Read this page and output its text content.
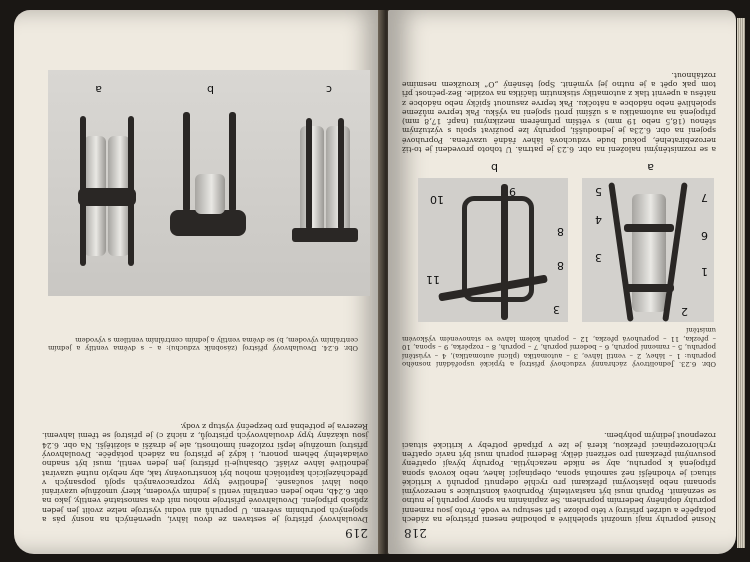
219
Dvoulahvový přístroj je sestaven ze dvou láhví, upevněných na nosný pás a spojených potrubním svěrem. U popruhů ani vodní výstroje nelze zvolit jen jeden způsob připojení. Dvoulahvové přístroje mohou mít dva samostatné ventily, jako na obr. 6.24b, nebo jeden centrální ventil s jedním vývodem, který umožňuje uzavírání obou láhví současně. Jednotlivé typy rozpracovaných spojů popsaných v předcházejících kapitolách mohou být konstruovány tak, aby nebylo nutné uzavírat jednotlivé láhve zvlášť. Obsahuje-li přístroj jen jeden ventil, musí být snadno ovladatelný během ponoru, i když je přístroj na zádech potápěče. Dvoulahvový přístroj umožňuje lepší rozložení hmotnosti, ale je dražší a složitější. Na obr. 6.24 jsou ukázány typy dvoulahvových přístrojů, z nichž c) je přístroj se třemi lahvemi. Rezerva je potřebná pro bezpečný výstup z vody.
Obr. 6.24. Dvoulahvový přístroj (zásobník vzduchu): a – s dvěma ventily a jedním centrálním vývodem, b) se dvěma ventily a jedním centrálním ventilem s vývodem
c
b
a
218
Nosné popruhy mají umožnit spolehlivé a pohodlné nesení přístroje na zádech potápěče a udržet přístroj v této poloze i při sestupu ve vodě. Proto jsou ramenní popruhy doplněny bederním popruhem. Se zapínáním na spony popruhů je nutno se seznámit. Popruh musí být nastavitelný. Popruhová konstrukce s nerezovými sponami nebo plastovými přezkami pro rychlé odepnutí popruhů v kritické situaci je vhodnější než samotná spona, obepínající lahev, nebo kovová spona připojená k popruhu, aby se nikde nezachytila. Popruhy bývají opatřeny posuvnými přezkami pro seřízení délky. Bederní popruh musí být navíc opatřen rychlorozepínací přezkou, která je lze v případě potřeby v kritické situaci rozepnout jediným pohybem.
Obr. 6.23. Jednolitrový záchranný vzduchový přístroj a typické uspořádání nosného popruhu: 1 – láhev, 2 – ventil láhve, 3 – automatika (plicní automatika), 4 – vyústění popruhu, 5 – ramenní popruh, 6 – bederní popruh, 7 – popruh, 8 – rozpěrka, 9 – spona, 10 – přezka, 11 – popruhová přezka, 12 – popruh kolem lahve ve stanoveném výškovém umístění
2
1
6
7
3
4
5
a
3
11
8
8
9
10
b
a se rozmístěnými naložení na obr. 6.23 je patrná. U tohoto provedení je to-tiž nerozebíratelné, pokud bude vzduchová láhev řádně uzavřena. Popruhové spojení na obr. 6.23a je jednodušší, popruhy lze používat spolu s výztužným stěnou (18,5 nebo 19 mm) s větším průměrem meziknými (např. 17,8 mm) připojená na automatiku a s užšími proti spojení na výšku. Pak teprve můžeme spolehlivě nebo nádobce a nátočku. Pak teprve zasunout špičky nebo nádobce z nátěsu a upevnit tlak z automatiky stisknutím tlačítka na vozidle. Bez-pečnost při tom pak opět a je nutno jej vyměnit. Spoj těsněný „O“ kroužkem nesmíme roztáhnout.
